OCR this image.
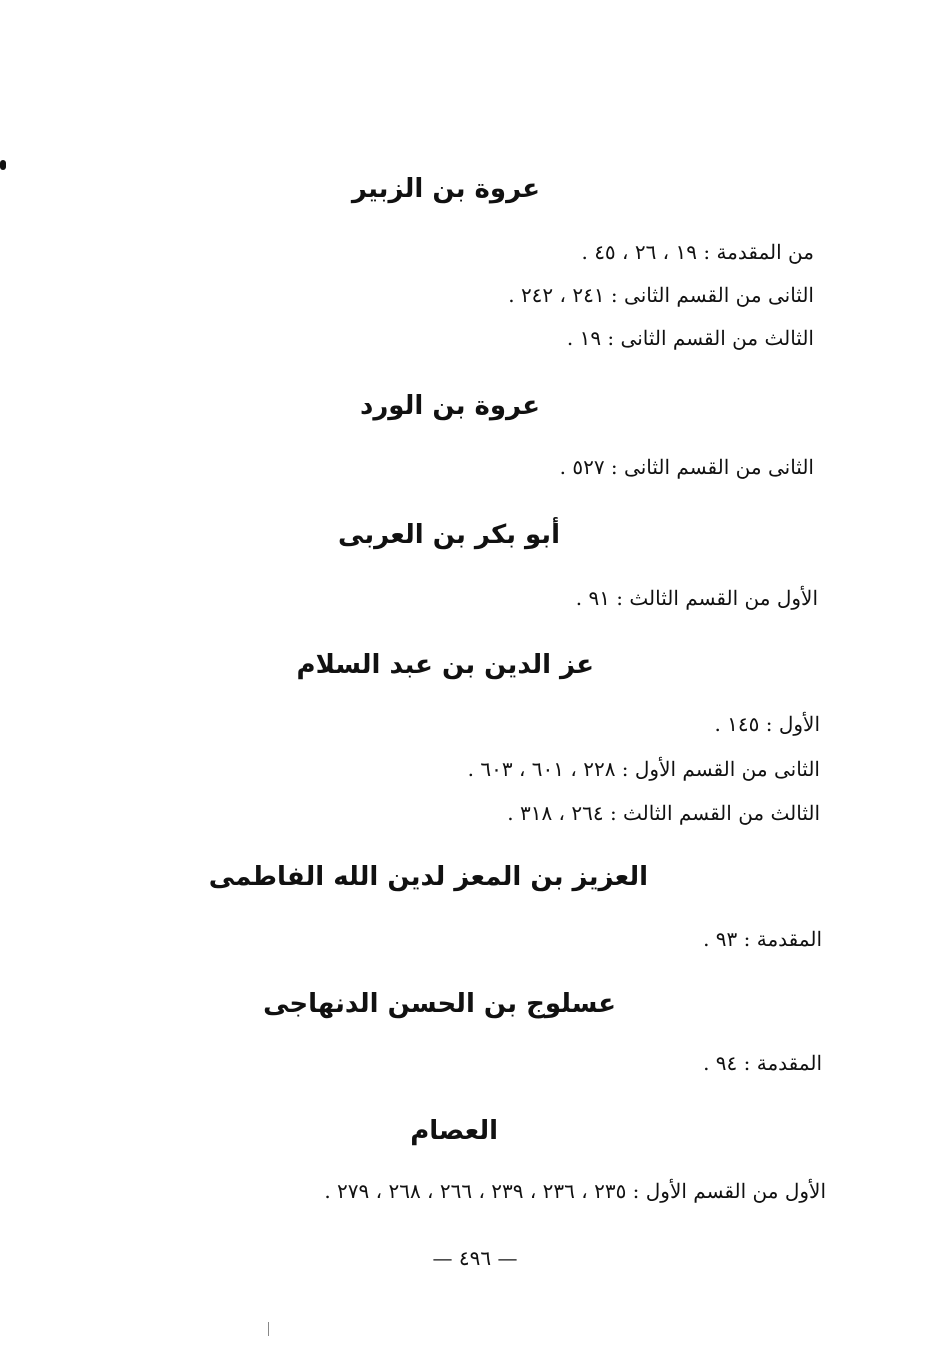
عروة بن الزبير
من المقدمة : ١٩ ، ٢٦ ، ٤٥ .
الثانى من القسم الثانى : ٢٤١ ، ٢٤٢ .
الثالث من القسم الثانى : ١٩ .
عروة بن الورد
الثانى من القسم الثانى : ٥٢٧ .
أبو بكر بن العربى
الأول من القسم الثالث : ٩١ .
عز الدين بن عبد السلام
الأول : ١٤٥ .
الثانى من القسم الأول : ٢٢٨ ، ٦٠١ ، ٦٠٣ .
الثالث من القسم الثالث : ٢٦٤ ، ٣١٨ .
العزيز بن المعز لدين الله الفاطمى
المقدمة : ٩٣ .
عسلوج بن الحسن الدنهاجى
المقدمة : ٩٤ .
العصام
الأول من القسم الأول : ٢٣٥ ، ٢٣٦ ، ٢٣٩ ، ٢٦٦ ، ٢٦٨ ، ٢٧٩ .
— ٤٩٦ —
